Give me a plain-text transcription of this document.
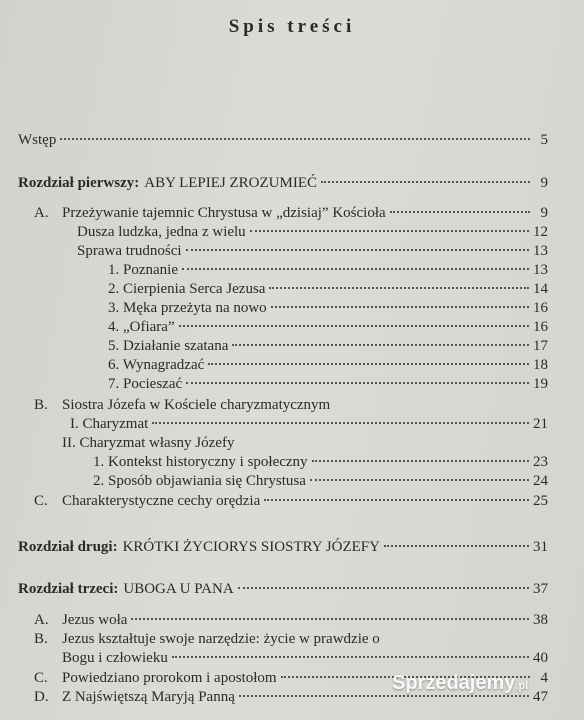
Spis treści
Wstęp	5
Rozdział pierwszy: ABY LEPIEJ ZROZUMIEĆ	9
A. Przeżywanie tajemnic Chrystusa w „dzisiaj” Kościoła	9
Dusza ludzka, jedna z wielu	12
Sprawa trudności	13
1. Poznanie	13
2. Cierpienia Serca Jezusa	14
3. Męka przeżyta na nowo	16
4. „Ofiara”	16
5. Działanie szatana	17
6. Wynagradzać	18
7. Pocieszać	19
B. Siostra Józefa w Kościele charyzmatycznym
I. Charyzmat	21
II. Charyzmat własny Józefy
1. Kontekst historyczny i społeczny	23
2. Sposób objawiania się Chrystusa	24
C. Charakterystyczne cechy orędzia	25
Rozdział drugi: KRÓTKI ŻYCIORYS SIOSTRY JÓZEFY	31
Rozdział trzeci: UBOGA U PANA	37
A. Jezus woła	38
B. Jezus kształtuje swoje narzędzie: życie w prawdzie o
Bogu i człowieku	40
C. Powiedziano prorokom i apostołom	4
D. Z Najświętszą Maryją Panną	47
Sprzedajemy.pl
